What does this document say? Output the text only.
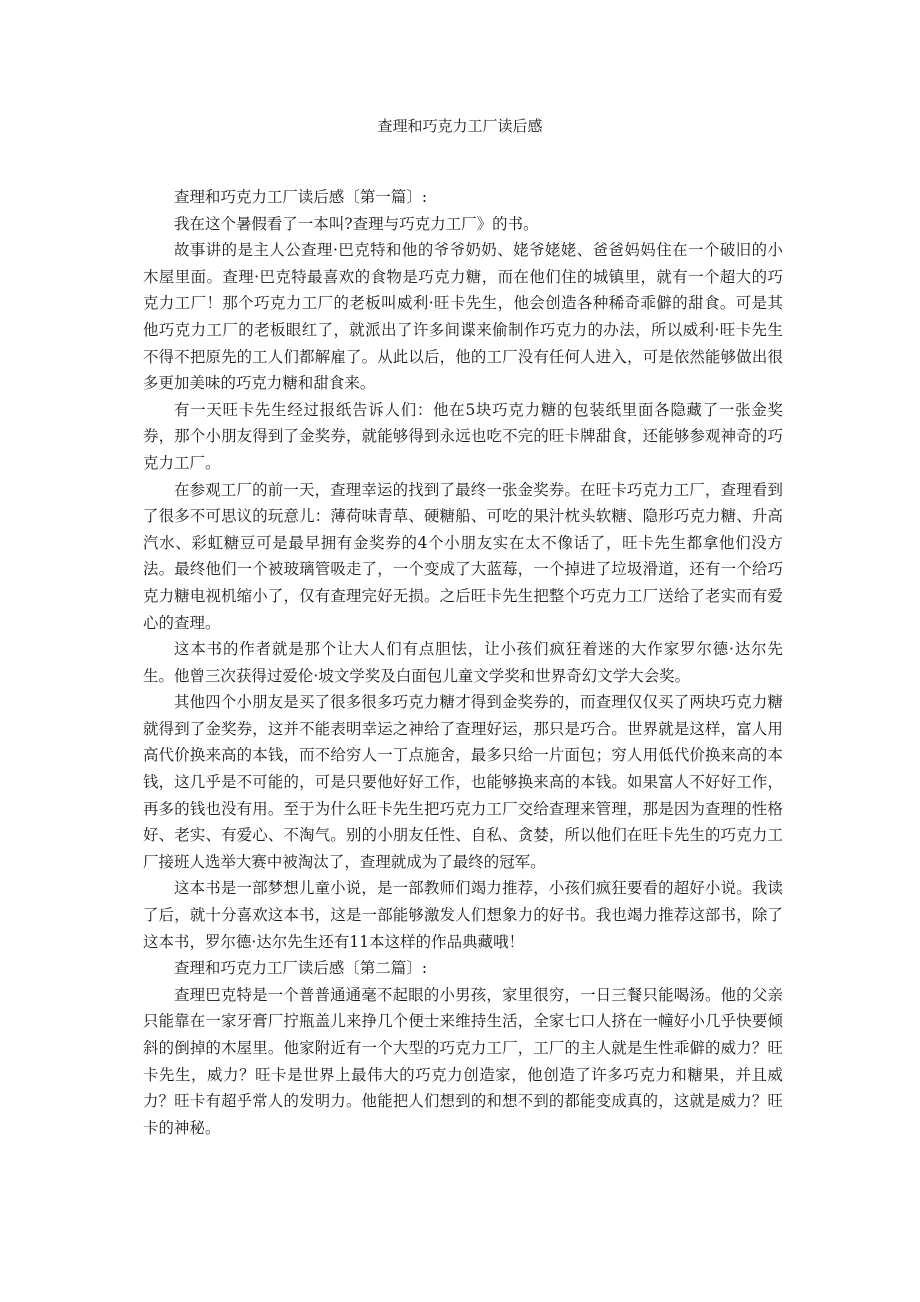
查理和巧克力工厂读后感

查理和巧克力工厂读后感〔第一篇〕:

我在这个暑假看了一本叫?查理与巧克力工厂》的书。

故事讲的是主人公查理·巴克特和他的爷爷奶奶、姥爷姥姥、爸爸妈妈住在一个破旧的小木屋里面。查理·巴克特最喜欢的食物是巧克力糖，而在他们住的城镇里，就有一个超大的巧克力工厂！那个巧克力工厂的老板叫威利·旺卡先生，他会创造各种稀奇乖僻的甜食。可是其他巧克力工厂的老板眼红了，就派出了许多间谍来偷制作巧克力的办法，所以威利·旺卡先生不得不把原先的工人们都解雇了。从此以后，他的工厂没有任何人进入，可是依然能够做出很多更加美味的巧克力糖和甜食来。

有一天旺卡先生经过报纸告诉人们：他在5块巧克力糖的包装纸里面各隐藏了一张金奖券，那个小朋友得到了金奖券，就能够得到永远也吃不完的旺卡牌甜食，还能够参观神奇的巧克力工厂。

在参观工厂的前一天，查理幸运的找到了最终一张金奖券。在旺卡巧克力工厂，查理看到了很多不可思议的玩意儿：薄荷味青草、硬糖船、可吃的果汁枕头软糖、隐形巧克力糖、升高汽水、彩虹糖豆可是最早拥有金奖券的4个小朋友实在太不像话了，旺卡先生都拿他们没方法。最终他们一个被玻璃管吸走了，一个变成了大蓝莓，一个掉进了垃圾滑道，还有一个给巧克力糖电视机缩小了，仅有查理完好无损。之后旺卡先生把整个巧克力工厂送给了老实而有爱心的查理。

这本书的作者就是那个让大人们有点胆怯，让小孩们疯狂着迷的大作家罗尔德·达尔先生。他曾三次获得过爱伦·坡文学奖及白面包儿童文学奖和世界奇幻文学大会奖。

其他四个小朋友是买了很多很多巧克力糖才得到金奖券的，而查理仅仅买了两块巧克力糖就得到了金奖券，这并不能表明幸运之神给了查理好运，那只是巧合。世界就是这样，富人用高代价换来高的本钱，而不给穷人一丁点施舍，最多只给一片面包；穷人用低代价换来高的本钱，这几乎是不可能的，可是只要他好好工作，也能够换来高的本钱。如果富人不好好工作，再多的钱也没有用。至于为什么旺卡先生把巧克力工厂交给查理来管理，那是因为查理的性格好、老实、有爱心、不淘气。别的小朋友任性、自私、贪婪，所以他们在旺卡先生的巧克力工厂接班人选举大赛中被淘汰了，查理就成为了最终的冠军。

这本书是一部梦想儿童小说，是一部教师们竭力推荐，小孩们疯狂要看的超好小说。我读了后，就十分喜欢这本书，这是一部能够激发人们想象力的好书。我也竭力推荐这部书，除了这本书，罗尔德·达尔先生还有11本这样的作品典藏哦！

查理和巧克力工厂读后感〔第二篇〕:

查理巴克特是一个普普通通毫不起眼的小男孩，家里很穷，一日三餐只能喝汤。他的父亲只能靠在一家牙膏厂拧瓶盖儿来挣几个便士来维持生活，全家七口人挤在一幢好小几乎快要倾斜的倒掉的木屋里。他家附近有一个大型的巧克力工厂，工厂的主人就是生性乖僻的威力？旺卡先生，威力？旺卡是世界上最伟大的巧克力创造家，他创造了许多巧克力和糖果，并且威力？旺卡有超乎常人的发明力。他能把人们想到的和想不到的都能变成真的，这就是威力？旺卡的神秘。
